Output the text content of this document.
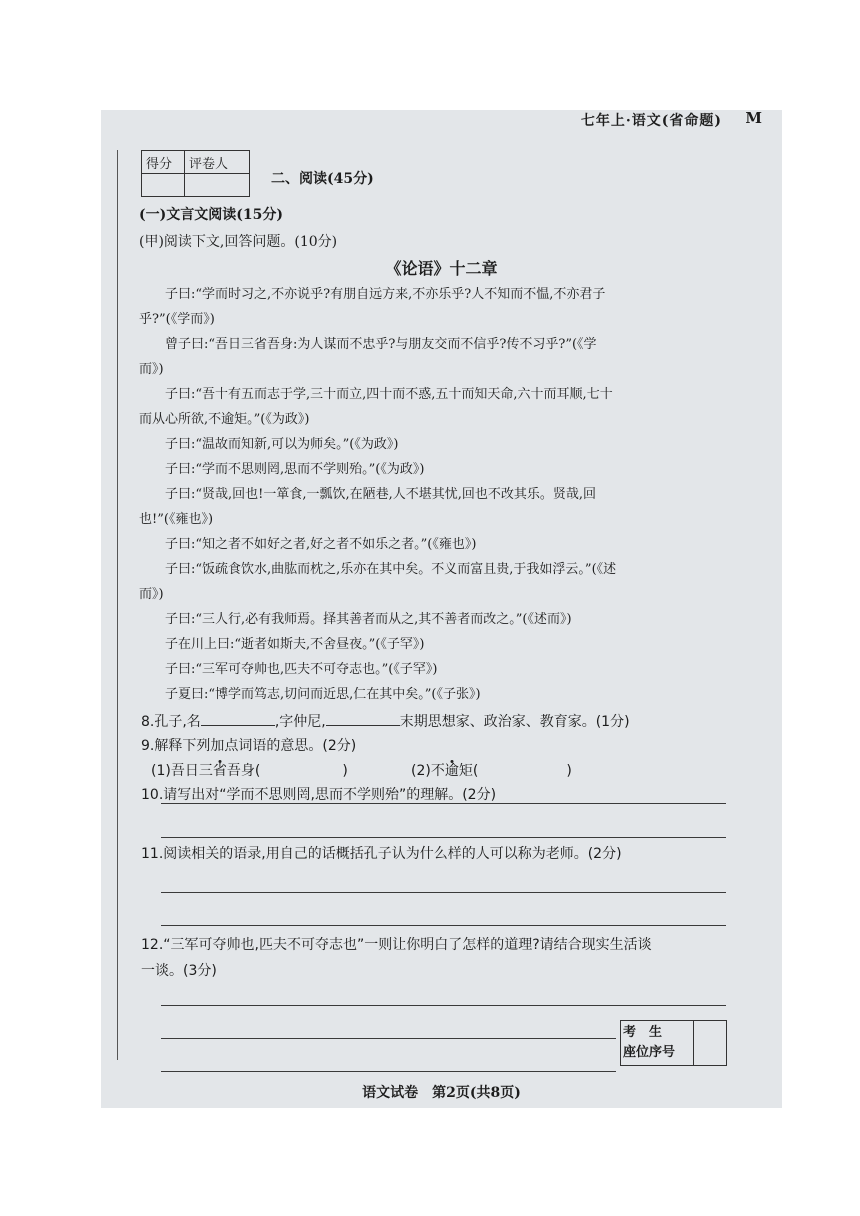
七年上·语文(省命题) M
得分	评卷人

二、阅读(45分)
(一)文言文阅读(15分)
(甲)阅读下文,回答问题。(10分)
《论语》十二章
子曰:“学而时习之,不亦说乎?有朋自远方来,不亦乐乎?人不知而不愠,不亦君子
乎?”(《学而》)
曾子曰:“吾日三省吾身:为人谋而不忠乎?与朋友交而不信乎?传不习乎?”(《学
而》)
子曰:“吾十有五而志于学,三十而立,四十而不惑,五十而知天命,六十而耳顺,七十
而从心所欲,不逾矩。”(《为政》)
子曰:“温故而知新,可以为师矣。”(《为政》)
子曰:“学而不思则罔,思而不学则殆。”(《为政》)
子曰:“贤哉,回也!一箪食,一瓢饮,在陋巷,人不堪其忧,回也不改其乐。贤哉,回
也!”(《雍也》)
子曰:“知之者不如好之者,好之者不如乐之者。”(《雍也》)
子曰:“饭疏食饮水,曲肱而枕之,乐亦在其中矣。不义而富且贵,于我如浮云。”(《述
而》)
子曰:“三人行,必有我师焉。择其善者而从之,其不善者而改之。”(《述而》)
子在川上曰:“逝者如斯夫,不舍昼夜。”(《子罕》)
子曰:“三军可夺帅也,匹夫不可夺志也。”(《子罕》)
子夏曰:“博学而笃志,切问而近思,仁在其中矣。”(《子张》)
8.孔子,名	,字仲尼,	末期思想家、政治家、教育家。(1分)
9.解释下列加点词语的意思。(2分)
(1)吾日三省吾身(	)	(2)不逾矩(	)
10.请写出对“学而不思则罔,思而不学则殆”的理解。(2分)
11.阅读相关的语录,用自己的话概括孔子认为什么样的人可以称为老师。(2分)
12.“三军可夺帅也,匹夫不可夺志也”一则让你明白了怎样的道理?请结合现实生活谈
一谈。(3分)
考　生
座位序号

语文试卷　第2页(共8页)
